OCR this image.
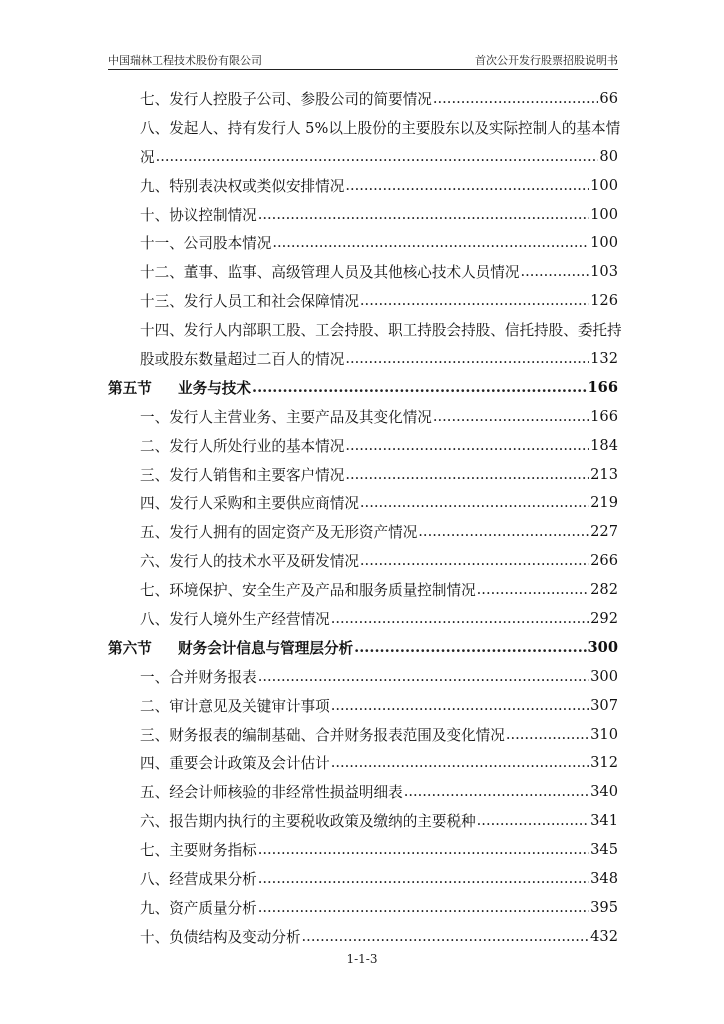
中国瑞林工程技术股份有限公司	首次公开发行股票招股说明书
七、发行人控股子公司、参股公司的简要情况 .....	66
八、发起人、持有发行人 5%以上股份的主要股东以及实际控制人的基本情
况 .....	80
九、特别表决权或类似安排情况 .....	100
十、协议控制情况 .....	100
十一、公司股本情况 .....	100
十二、董事、监事、高级管理人员及其他核心技术人员情况 .....	103
十三、发行人员工和社会保障情况 .....	126
十四、发行人内部职工股、工会持股、职工持股会持股、信托持股、委托持
股或股东数量超过二百人的情况 .....	132
第五节 业务与技术 .....	166
一、发行人主营业务、主要产品及其变化情况 .....	166
二、发行人所处行业的基本情况 .....	184
三、发行人销售和主要客户情况 .....	213
四、发行人采购和主要供应商情况 .....	219
五、发行人拥有的固定资产及无形资产情况 .....	227
六、发行人的技术水平及研发情况 .....	266
七、环境保护、安全生产及产品和服务质量控制情况 .....	282
八、发行人境外生产经营情况 .....	292
第六节 财务会计信息与管理层分析 .....	300
一、合并财务报表 .....	300
二、审计意见及关键审计事项 .....	307
三、财务报表的编制基础、合并财务报表范围及变化情况 .....	310
四、重要会计政策及会计估计 .....	312
五、经会计师核验的非经常性损益明细表 .....	340
六、报告期内执行的主要税收政策及缴纳的主要税种 .....	341
七、主要财务指标 .....	345
八、经营成果分析 .....	348
九、资产质量分析 .....	395
十、负债结构及变动分析 .....	432
1-1-3
